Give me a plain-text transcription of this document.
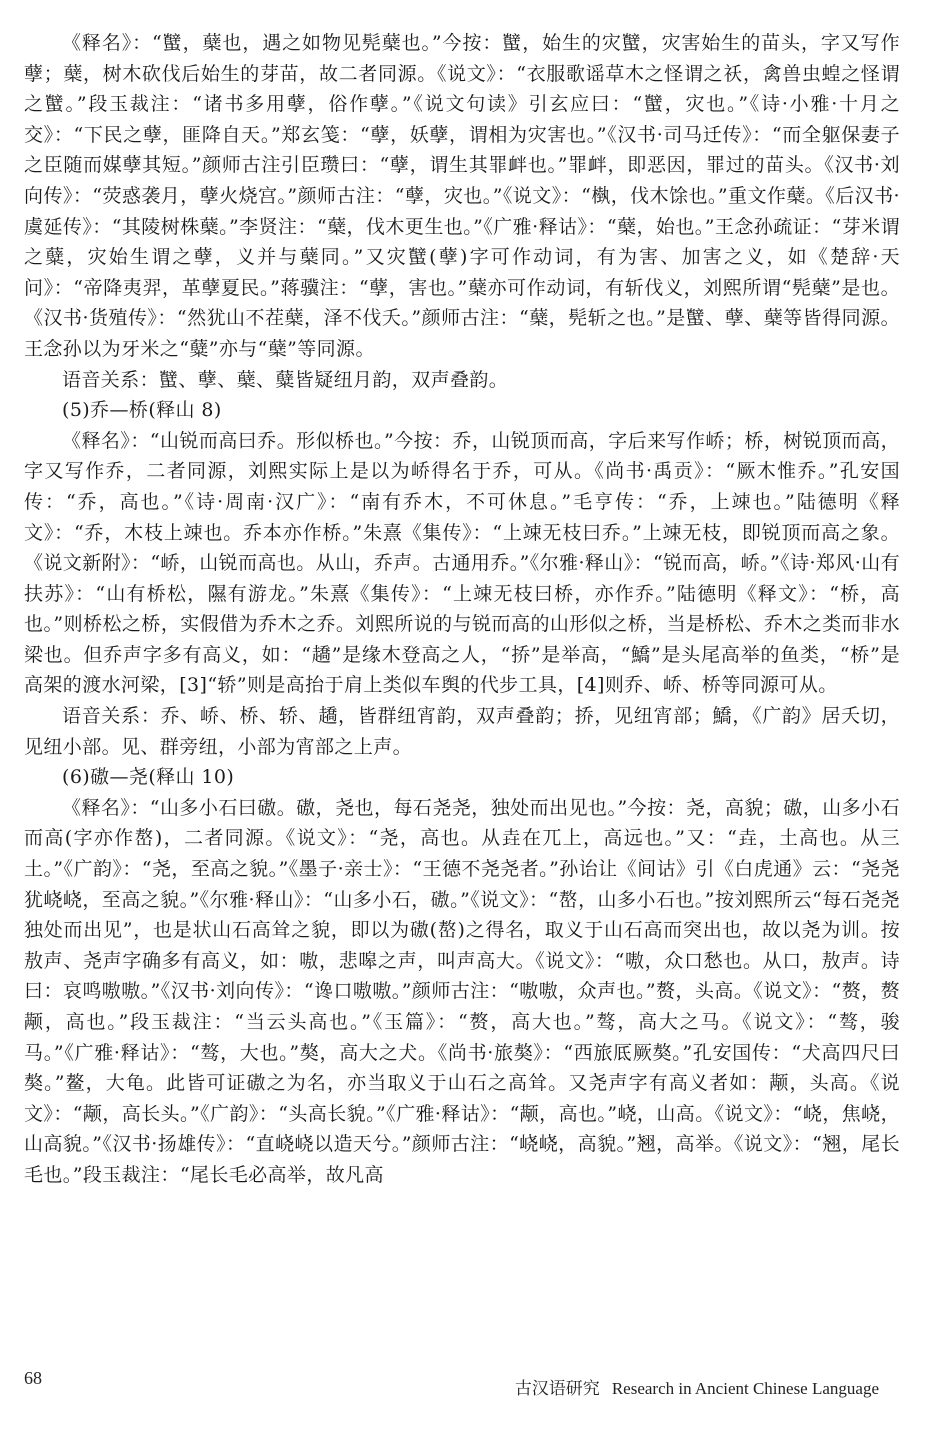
《释名》：“蠥，蘖也，遇之如物见髡蘖也。”今按：蠥，始生的灾蠥，灾害始生的苗头，字又写作孽；蘖，树木砍伐后始生的芽苗，故二者同源。《说文》：“衣服歌谣草木之怪谓之祅，禽兽虫蝗之怪谓之蠥。”段玉裁注：“诸书多用孽，俗作孽。”《说文句读》引玄应曰：“蠥，灾也。”《诗·小雅·十月之交》：“下民之孽，匪降自天。”郑玄笺：“孽，妖孽，谓相为灾害也。”《汉书·司马迁传》：“而全躯保妻子之臣随而媒孽其短。”颜师古注引臣瓒曰：“孽，谓生其罪衅也。”罪衅，即恶因，罪过的苗头。《汉书·刘向传》：“荧惑袭月，孽火烧宫。”颜师古注：“孽，灾也。”《说文》：“槸，伐木馀也。”重文作蘖。《后汉书·虞延传》：“其陵树株蘖。”李贤注：“蘖，伐木更生也。”《广雅·释诂》：“蘖，始也。”王念孙疏证：“芽米谓之糵，灾始生谓之孽，义并与蘖同。”又灾蠥(孽)字可作动词，有为害、加害之义，如《楚辞·天问》：“帝降夷羿，革孽夏民。”蒋骥注：“孽，害也。”蘖亦可作动词，有斩伐义，刘熙所谓“髡蘖”是也。《汉书·货殖传》：“然犹山不茬蘖，泽不伐夭。”颜师古注：“蘖，髡斩之也。”是蠥、孽、蘖等皆得同源。王念孙以为牙米之“糵”亦与“蘖”等同源。

语音关系：蠥、孽、蘖、糵皆疑纽月韵，双声叠韵。

(5)乔—桥(释山 8)

《释名》：“山锐而高曰乔。形似桥也。”今按：乔，山锐顶而高，字后来写作峤；桥，树锐顶而高，字又写作乔，二者同源，刘熙实际上是以为峤得名于乔，可从。《尚书·禹贡》：“厥木惟乔。”孔安国传：“乔，高也。”《诗·周南·汉广》：“南有乔木，不可休息。”毛亨传：“乔，上竦也。”陆德明《释文》：“乔，木枝上竦也。乔本亦作桥。”朱熹《集传》：“上竦无枝曰乔。”上竦无枝，即锐顶而高之象。《说文新附》：“峤，山锐而高也。从山，乔声。古通用乔。”《尔雅·释山》：“锐而高，峤。”《诗·郑风·山有扶苏》：“山有桥松，隰有游龙。”朱熹《集传》：“上竦无枝曰桥，亦作乔。”陆德明《释文》：“桥，高也。”则桥松之桥，实假借为乔木之乔。刘熙所说的与锐而高的山形似之桥，当是桥松、乔木之类而非水梁也。但乔声字多有高义，如：“趫”是缘木登高之人，“挢”是举高，“鱎”是头尾高举的鱼类，“桥”是高架的渡水河梁，[3]“轿”则是高抬于肩上类似车舆的代步工具，[4]则乔、峤、桥等同源可从。

语音关系：乔、峤、桥、轿、趫，皆群纽宵韵，双声叠韵；挢，见纽宵部；鱎，《广韵》居夭切，见纽小部。见、群旁纽，小部为宵部之上声。

(6)磝—尧(释山 10)

《释名》：“山多小石曰磝。磝，尧也，每石尧尧，独处而出见也。”今按：尧，高貌；磝，山多小石而高(字亦作嶅)，二者同源。《说文》：“尧，高也。从垚在兀上，高远也。”又：“垚，土高也。从三土。”《广韵》：“尧，至高之貌。”《墨子·亲士》：“王德不尧尧者。”孙诒让《间诂》引《白虎通》云：“尧尧犹峣峣，至高之貌。”《尔雅·释山》：“山多小石，磝。”《说文》：“嶅，山多小石也。”按刘熙所云“每石尧尧独处而出见”，也是状山石高耸之貌，即以为磝(嶅)之得名，取义于山石高而突出也，故以尧为训。按敖声、尧声字确多有高义，如：嗷，悲嗥之声，叫声高大。《说文》：“嗷，众口愁也。从口，敖声。诗曰：哀鸣嗷嗷。”《汉书·刘向传》：“谗口嗷嗷。”颜师古注：“嗷嗷，众声也。”赘，头高。《说文》：“赘，赘颟，高也。”段玉裁注：“当云头高也。”《玉篇》：“赘，高大也。”骜，高大之马。《说文》：“骜，骏马。”《广雅·释诂》：“骜，大也。”獒，高大之犬。《尚书·旅獒》：“西旅厎厥獒。”孔安国传：“犬高四尺曰獒。”鳌，大龟。此皆可证磝之为名，亦当取义于山石之高耸。又尧声字有高义者如：颟，头高。《说文》：“颟，高长头。”《广韵》：“头高长貌。”《广雅·释诂》：“颟，高也。”峣，山高。《说文》：“峣，焦峣，山高貌。”《汉书·扬雄传》：“直峣峣以造天兮。”颜师古注：“峣峣，高貌。”翘，高举。《说文》：“翘，尾长毛也。”段玉裁注：“尾长毛必高举，故凡高

68
古汉语研究 Research in Ancient Chinese Language
